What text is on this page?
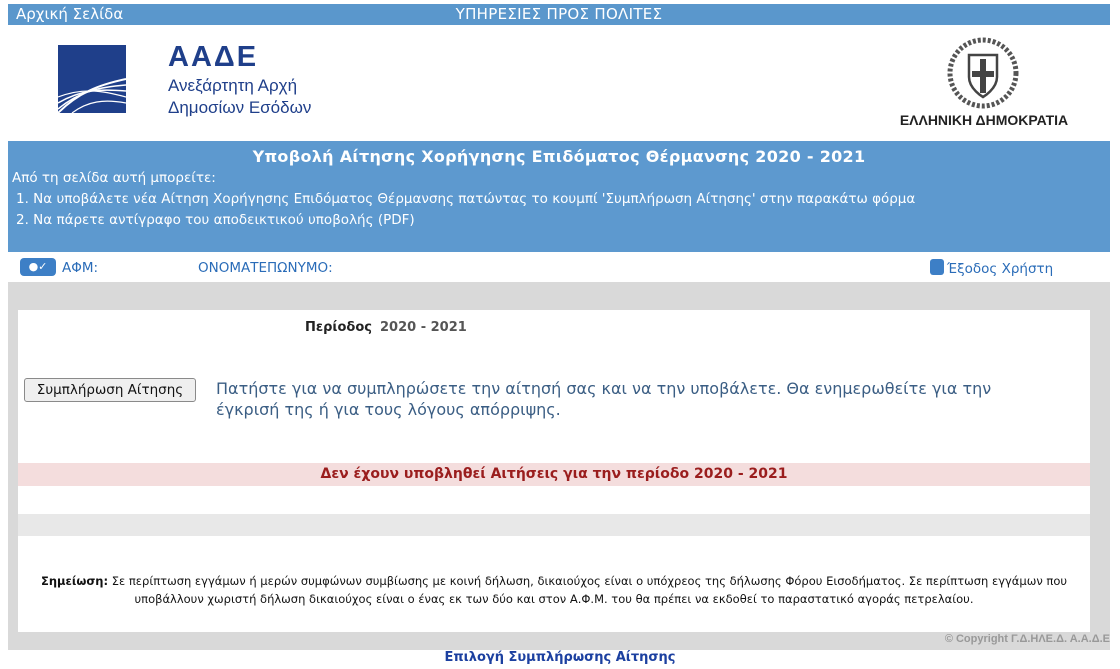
Αρχική Σελίδα	ΥΠΗΡΕΣΙΕΣ ΠΡΟΣ ΠΟΛΙΤΕΣ
ΑΑΔΕ
Ανεξάρτητη Αρχή
Δημοσίων Εσόδων
ΕΛΛΗΝΙΚΗ ΔΗΜΟΚΡΑΤΙΑ
Υποβολή Αίτησης Χορήγησης Επιδόματος Θέρμανσης 2020 - 2021
Από τη σελίδα αυτή μπορείτε:
1. Να υποβάλετε νέα Αίτηση Χορήγησης Επιδόματος Θέρμανσης πατώντας το κουμπί 'Συμπλήρωση Αίτησης' στην παρακάτω φόρμα
2. Να πάρετε αντίγραφο του αποδεικτικού υποβολής (PDF)
●✓	ΑΦΜ:	ΟΝΟΜΑΤΕΠΩΝΥΜΟ:	Έξοδος Χρήστη
Περίοδος 2020 - 2021
Συμπλήρωση Αίτησης	Πατήστε για να συμπληρώσετε την αίτησή σας και να την υποβάλετε. Θα ενημερωθείτε για την έγκρισή της ή για τους λόγους απόρριψης.
Δεν έχουν υποβληθεί Αιτήσεις για την περίοδο 2020 - 2021
Σημείωση: Σε περίπτωση εγγάμων ή μερών συμφώνων συμβίωσης με κοινή δήλωση, δικαιούχος είναι ο υπόχρεος της δήλωσης Φόρου Εισοδήματος. Σε περίπτωση εγγάμων που υποβάλλουν χωριστή δήλωση δικαιούχος είναι ο ένας εκ των δύο και στον Α.Φ.Μ. του θα πρέπει να εκδοθεί το παραστατικό αγοράς πετρελαίου.
© Copyright Γ.Δ.ΗΛΕ.Δ. Α.Α.Δ.Ε
Επιλογή Συμπλήρωσης Αίτησης
